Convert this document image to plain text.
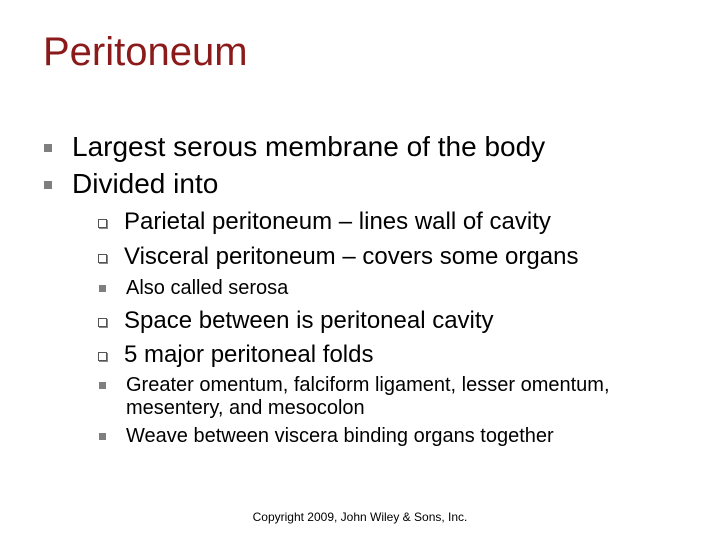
Peritoneum
Largest serous membrane of the body
Divided into
Parietal peritoneum – lines wall of cavity
Visceral peritoneum – covers some organs
Also called serosa
Space between is peritoneal cavity
5 major peritoneal folds
Greater omentum, falciform ligament, lesser omentum,
mesentery, and mesocolon
Weave between viscera binding organs together
Copyright 2009, John Wiley & Sons, Inc.
